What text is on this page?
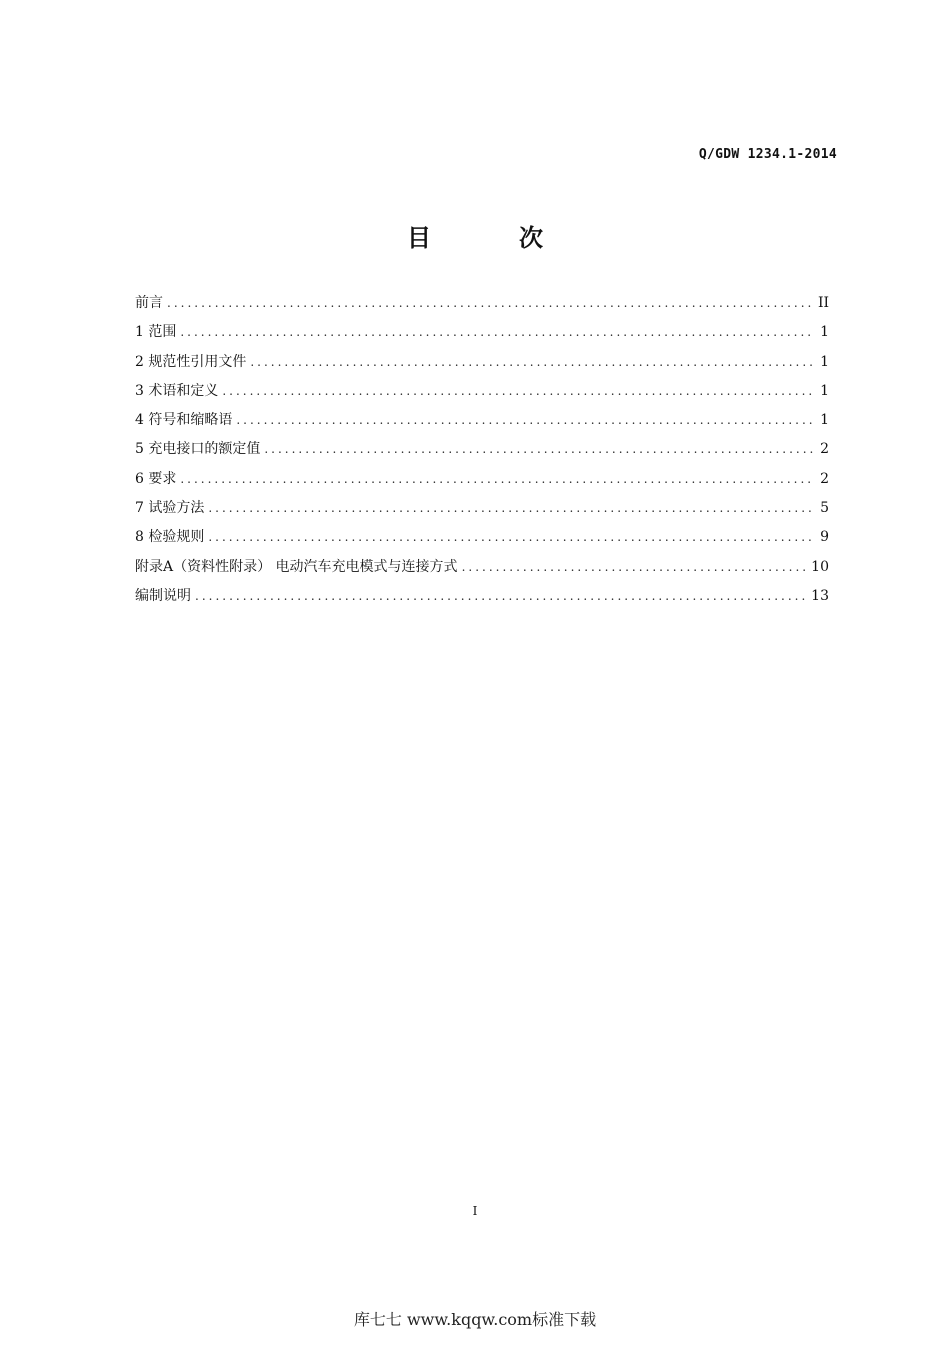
Q/GDW 1234.1-2014
目	次
前言 .....	II
1 范围 .....	1
2 规范性引用文件 .....	1
3 术语和定义 .....	1
4 符号和缩略语 .....	1
5 充电接口的额定值 .....	2
6 要求 .....	2
7 试验方法 .....	5
8 检验规则 .....	9
附录A（资料性附录） 电动汽车充电模式与连接方式 .....	10
编制说明 .....	13
I
库七七 www.kqqw.com标准下载
